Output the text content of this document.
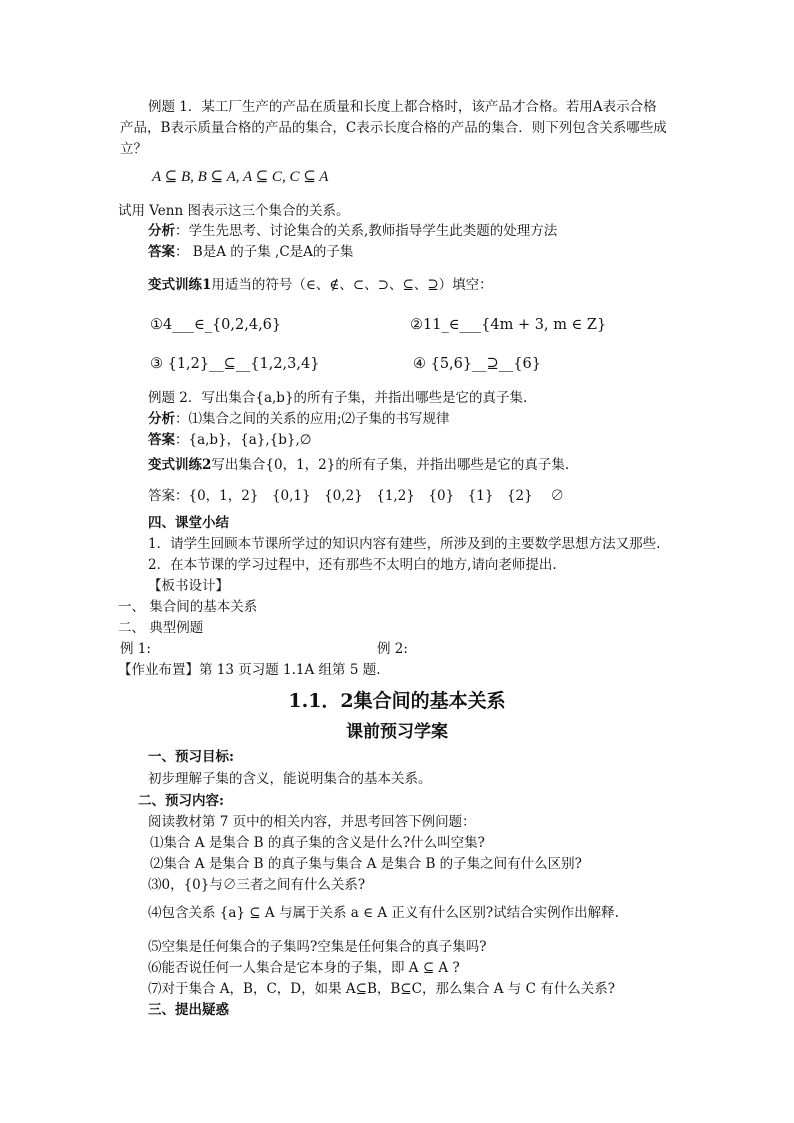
例题 1．某工厂生产的产品在质量和长度上都合格时，该产品才合格。若用A表示合格
产品，B表示质量合格的产品的集合，C表示长度合格的产品的集合．则下列包含关系哪些成
立？
A ⊆ B, B ⊆ A, A ⊆ C, C ⊆ A
试用 Venn 图表示这三个集合的关系。
分析：学生先思考、讨论集合的关系,教师指导学生此类题的处理方法
答案： B是A 的子集 ,C是A的子集
变式训练1用适当的符号（∈、∉、⊂、⊃、⊆、⊇）填空：
①4___∈_{0,2,4,6}	②11_∈___{4m + 3, m ∈ Z}
③ {1,2}__⊆__{1,2,3,4}	④ {5,6}__⊇__{6}
例题 2．写出集合{a,b}的所有子集，并指出哪些是它的真子集.
分析：⑴集合之间的关系的应用;⑵子集的书写规律
答案：{a,b}，{a},{b},∅
变式训练2写出集合{0，1，2}的所有子集，并指出哪些是它的真子集.
答案：{0，1，2}　{0,1}　{0,2}　{1,2}　{0}　{1}　{2}　 ∅
四、课堂小结
1．请学生回顾本节课所学过的知识内容有建些，所涉及到的主要数学思想方法又那些.
2．在本节课的学习过程中，还有那些不太明白的地方,请向老师提出.
【板书设计】
一、 集合间的基本关系
二、 典型例题
例 1:	例 2:
【作业布置】第 13 页习题 1.1A 组第 5 题.
1.1．2集合间的基本关系
课前预习学案
一、预习目标:
初步理解子集的含义，能说明集合的基本关系。
二、预习内容:
阅读教材第 7 页中的相关内容，并思考回答下例问题：
⑴集合 A 是集合 B 的真子集的含义是什么?什么叫空集?
⑵集合 A 是集合 B 的真子集与集合 A 是集合 B 的子集之间有什么区别?
⑶0，{0}与∅三者之间有什么关系?
⑷包含关系 {a} ⊆ A 与属于关系 a ∈ A 正义有什么区别?试结合实例作出解释.
⑸空集是任何集合的子集吗?空集是任何集合的真子集吗?
⑹能否说任何一人集合是它本身的子集，即 A ⊆ A ?
⑺对于集合 A，B，C，D，如果 A⊆B，B⊆C，那么集合 A 与 C 有什么关系?
三、提出疑惑
